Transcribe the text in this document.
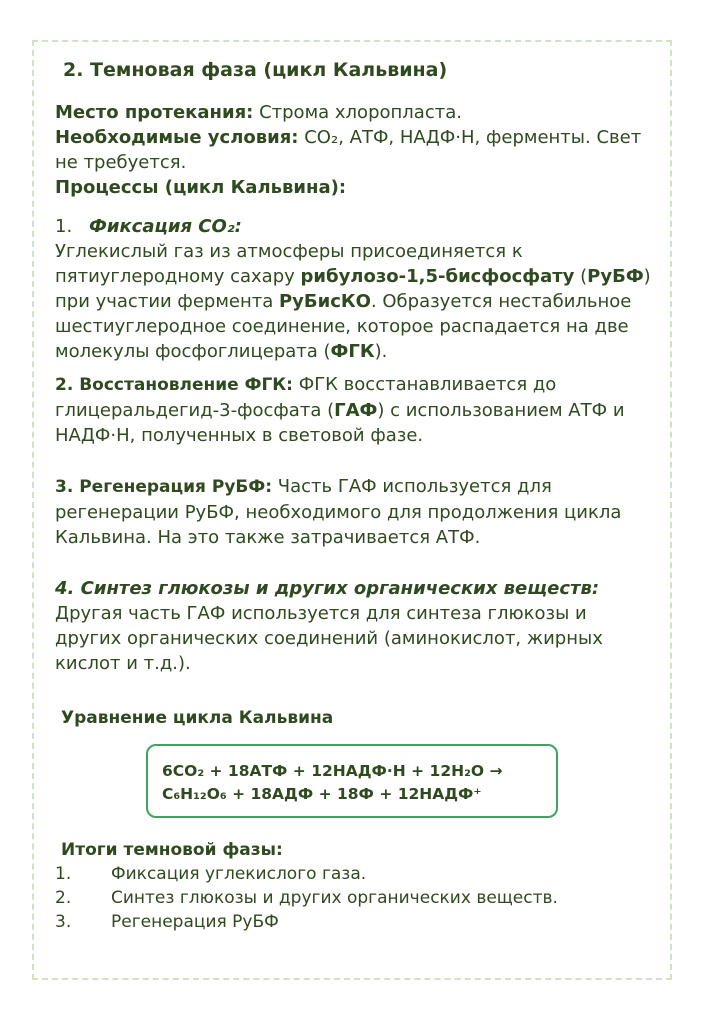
2. Темновая фаза (цикл Кальвина)

Место протекания: Строма хлоропласта.

Необходимые условия: CO₂, АТФ, НАДФ·Н, ферменты. Свет не требуется.

Процессы (цикл Кальвина):

1. Фиксация CO₂:

Углекислый газ из атмосферы присоединяется к пятиуглеродному сахару рибулозо-1,5-бисфосфату (РуБФ) при участии фермента РуБисКО. Образуется нестабильное шестиуглеродное соединение, которое распадается на две молекулы фосфоглицерата (ФГК).

2. Восстановление ФГК: ФГК восстанавливается до глицеральдегид-3-фосфата (ГАФ) с использованием АТФ и НАДФ·Н, полученных в световой фазе.

3. Регенерация РуБФ: Часть ГАФ используется для регенерации РуБФ, необходимого для продолжения цикла Кальвина. На это также затрачивается АТФ.

4. Синтез глюкозы и других органических веществ:
Другая часть ГАФ используется для синтеза глюкозы и других органических соединений (аминокислот, жирных кислот и т.д.).

Уравнение цикла Кальвина

6CO₂ + 18АТФ + 12НАДФ·Н + 12H₂O →
C₆H₁₂O₆ + 18АДФ + 18Ф + 12НАДФ⁺
Итоги темновой фазы:
1.	Фиксация углекислого газа.
2.	Синтез глюкозы и других органических веществ.
3.	Регенерация РуБФ
